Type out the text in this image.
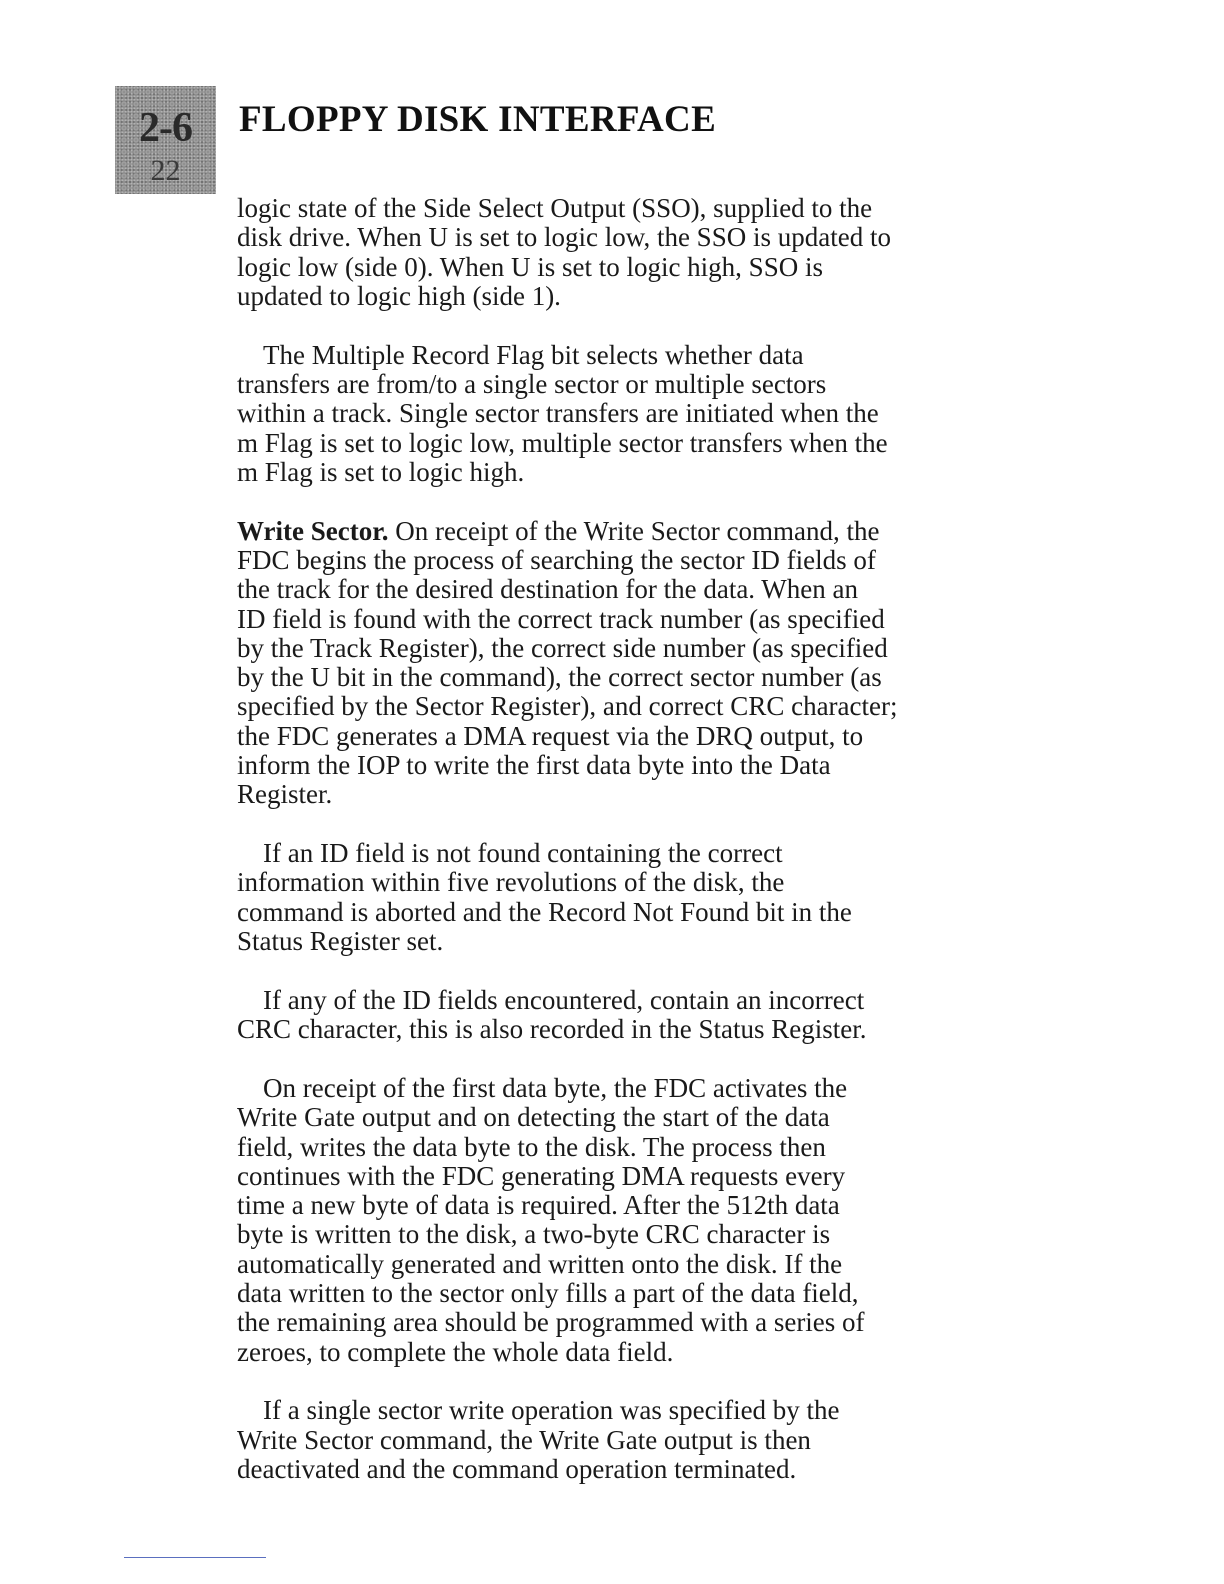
2-6
22
FLOPPY DISK INTERFACE

logic state of the Side Select Output (SSO), supplied to the
disk drive. When U is set to logic low, the SSO is updated to
logic low (side 0). When U is set to logic high, SSO is
updated to logic high (side 1).

The Multiple Record Flag bit selects whether data
transfers are from/to a single sector or multiple sectors
within a track. Single sector transfers are initiated when the
m Flag is set to logic low, multiple sector transfers when the
m Flag is set to logic high.

Write Sector. On receipt of the Write Sector command, the
FDC begins the process of searching the sector ID fields of
the track for the desired destination for the data. When an
ID field is found with the correct track number (as specified
by the Track Register), the correct side number (as specified
by the U bit in the command), the correct sector number (as
specified by the Sector Register), and correct CRC character;
the FDC generates a DMA request via the DRQ output, to
inform the IOP to write the first data byte into the Data
Register.

If an ID field is not found containing the correct
information within five revolutions of the disk, the
command is aborted and the Record Not Found bit in the
Status Register set.

If any of the ID fields encountered, contain an incorrect
CRC character, this is also recorded in the Status Register.

On receipt of the first data byte, the FDC activates the
Write Gate output and on detecting the start of the data
field, writes the data byte to the disk. The process then
continues with the FDC generating DMA requests every
time a new byte of data is required. After the 512th data
byte is written to the disk, a two-byte CRC character is
automatically generated and written onto the disk. If the
data written to the sector only fills a part of the data field,
the remaining area should be programmed with a series of
zeroes, to complete the whole data field.

If a single sector write operation was specified by the
Write Sector command, the Write Gate output is then
deactivated and the command operation terminated.
